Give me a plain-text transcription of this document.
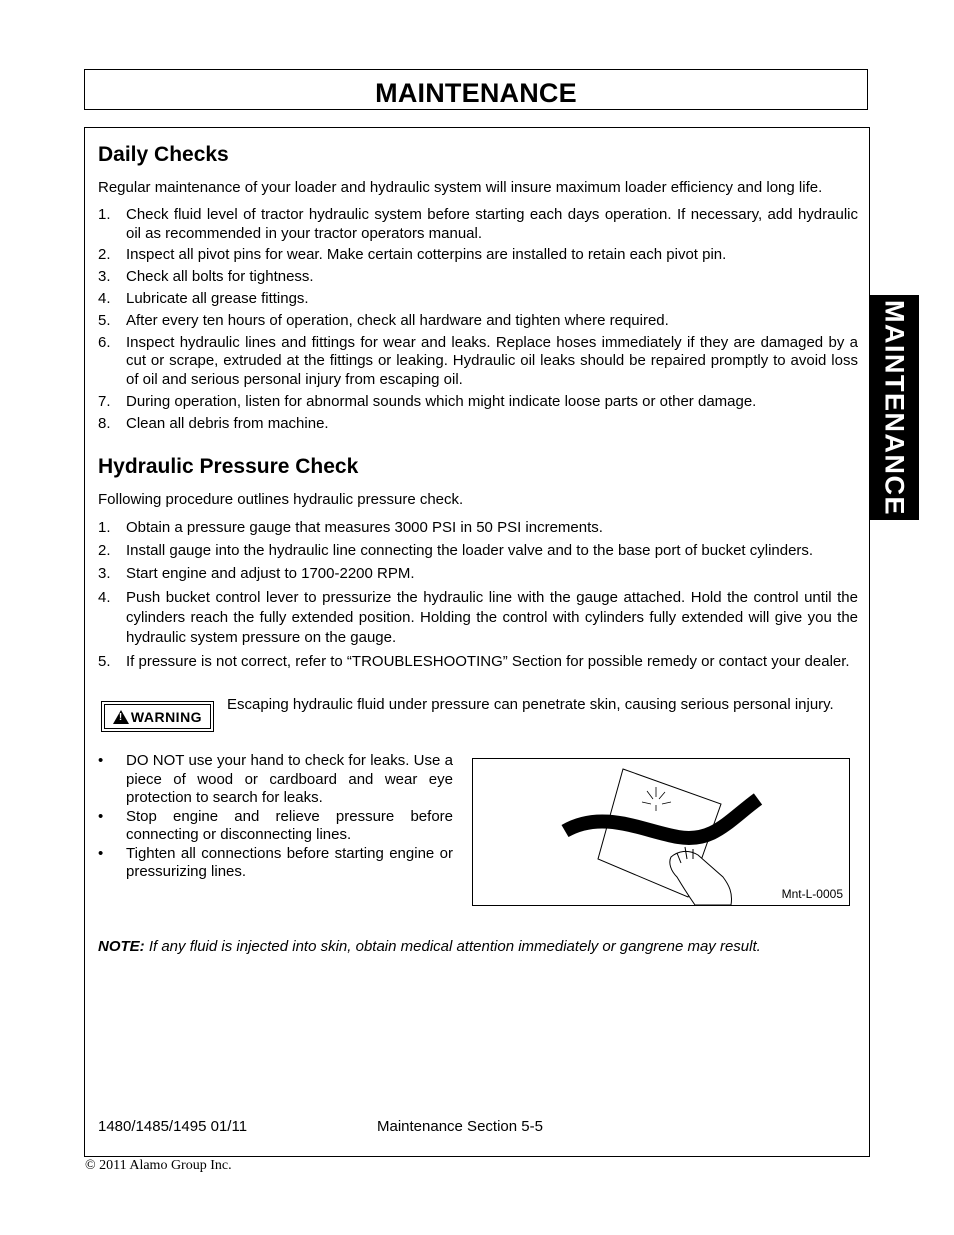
MAINTENANCE
MAINTENANCE
Daily Checks
Regular maintenance of your loader and hydraulic system will insure maximum loader efficiency and long life.
1. Check fluid level of tractor hydraulic system before starting each days operation. If necessary, add hydraulic oil as recommended in your tractor operators manual.
2. Inspect all pivot pins for wear. Make certain cotterpins are installed to retain each pivot pin.
3. Check all bolts for tightness.
4. Lubricate all grease fittings.
5. After every ten hours of operation, check all hardware and tighten where required.
6. Inspect hydraulic lines and fittings for wear and leaks. Replace hoses immediately if they are damaged by a cut or scrape, extruded at the fittings or leaking. Hydraulic oil leaks should be repaired promptly to avoid loss of oil and serious personal injury from escaping oil.
7. During operation, listen for abnormal sounds which might indicate loose parts or other damage.
8. Clean all debris from machine.
Hydraulic Pressure Check
Following procedure outlines hydraulic pressure check.
1. Obtain a pressure gauge that measures 3000 PSI in 50 PSI increments.
2. Install gauge into the hydraulic line connecting the loader valve and to the base port of bucket cylinders.
3. Start engine and adjust to 1700-2200 RPM.
4. Push bucket control lever to pressurize the hydraulic line with the gauge attached. Hold the control until the cylinders reach the fully extended position. Holding the control with cylinders fully extended will give you the hydraulic system pressure on the gauge.
5. If pressure is not correct, refer to “TROUBLESHOOTING” Section for possible remedy or contact your dealer.
!
WARNING
Escaping hydraulic fluid under pressure can penetrate skin, causing serious personal injury.
• DO NOT use your hand to check for leaks. Use a piece of wood or cardboard and wear eye protection to search for leaks.
• Stop engine and relieve pressure before connecting or disconnecting lines.
• Tighten all connections before starting engine or pressurizing lines.
Mnt-L-0005
NOTE: If any fluid is injected into skin, obtain medical attention immediately or gangrene may result.
1480/1485/1495 01/11	Maintenance Section 5-5
© 2011 Alamo Group Inc.
